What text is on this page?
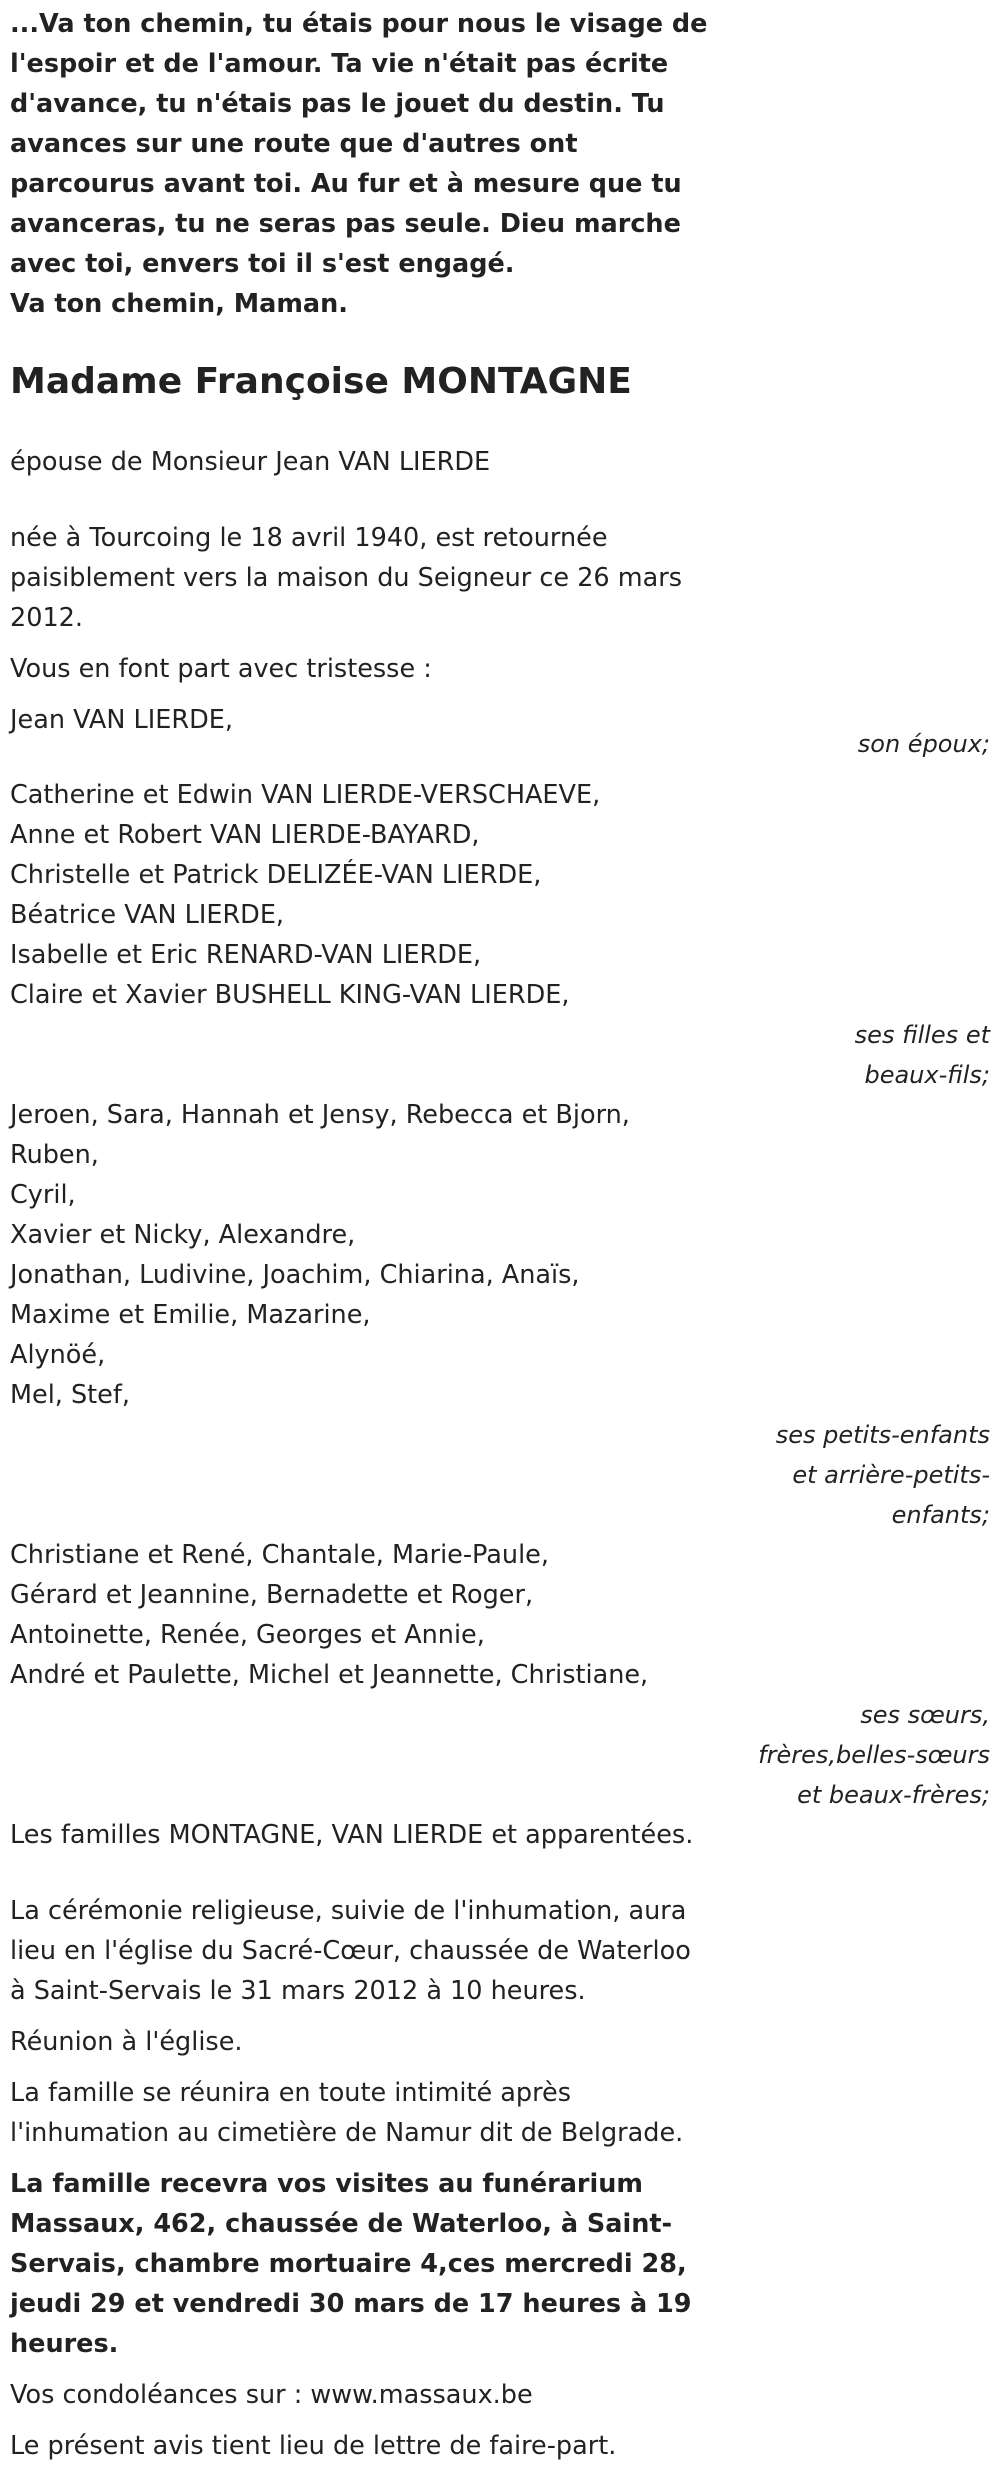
...Va ton chemin, tu étais pour nous le visage de l'espoir et de l'amour. Ta vie n'était pas écrite d'avance, tu n'étais pas le jouet du destin. Tu avances sur une route que d'autres ont parcourus avant toi. Au fur et à mesure que tu avanceras, tu ne seras pas seule. Dieu marche avec toi, envers toi il s'est engagé.

Va ton chemin, Maman.

Madame Françoise MONTAGNE

épouse de Monsieur Jean VAN LIERDE

née à Tourcoing le 18 avril 1940, est retournée paisiblement vers la maison du Seigneur ce 26 mars 2012.

Vous en font part avec tristesse :

Jean VAN LIERDE,

son époux;

Catherine et Edwin VAN LIERDE-VERSCHAEVE,

Anne et Robert VAN LIERDE-BAYARD,

Christelle et Patrick DELIZÉE-VAN LIERDE,

Béatrice VAN LIERDE,

Isabelle et Eric RENARD-VAN LIERDE,

Claire et Xavier BUSHELL KING-VAN LIERDE,

ses filles et
beaux-fils;

Jeroen, Sara, Hannah et Jensy, Rebecca et Bjorn,

Ruben,

Cyril,

Xavier et Nicky, Alexandre,

Jonathan, Ludivine, Joachim, Chiarina, Anaïs,

Maxime et Emilie, Mazarine,

Alynöé,

Mel, Stef,

ses petits-enfants
et arrière-petits-
enfants;

Christiane et René, Chantale, Marie-Paule,

Gérard et Jeannine, Bernadette et Roger,

Antoinette, Renée, Georges et Annie,

André et Paulette, Michel et Jeannette, Christiane,

ses sœurs,
frères,belles-sœurs
et beaux-frères;

Les familles MONTAGNE, VAN LIERDE et apparentées.

La cérémonie religieuse, suivie de l'inhumation, aura lieu en l'église du Sacré-Cœur, chaussée de Waterloo à Saint-Servais le 31 mars 2012 à 10 heures.

Réunion à l'église.

La famille se réunira en toute intimité après l'inhumation au cimetière de Namur dit de Belgrade.

La famille recevra vos visites au funérarium Massaux, 462, chaussée de Waterloo, à Saint-Servais, chambre mortuaire 4,ces mercredi 28, jeudi 29 et vendredi 30 mars de 17 heures à 19 heures.

Vos condoléances sur : www.massaux.be

Le présent avis tient lieu de lettre de faire-part.
